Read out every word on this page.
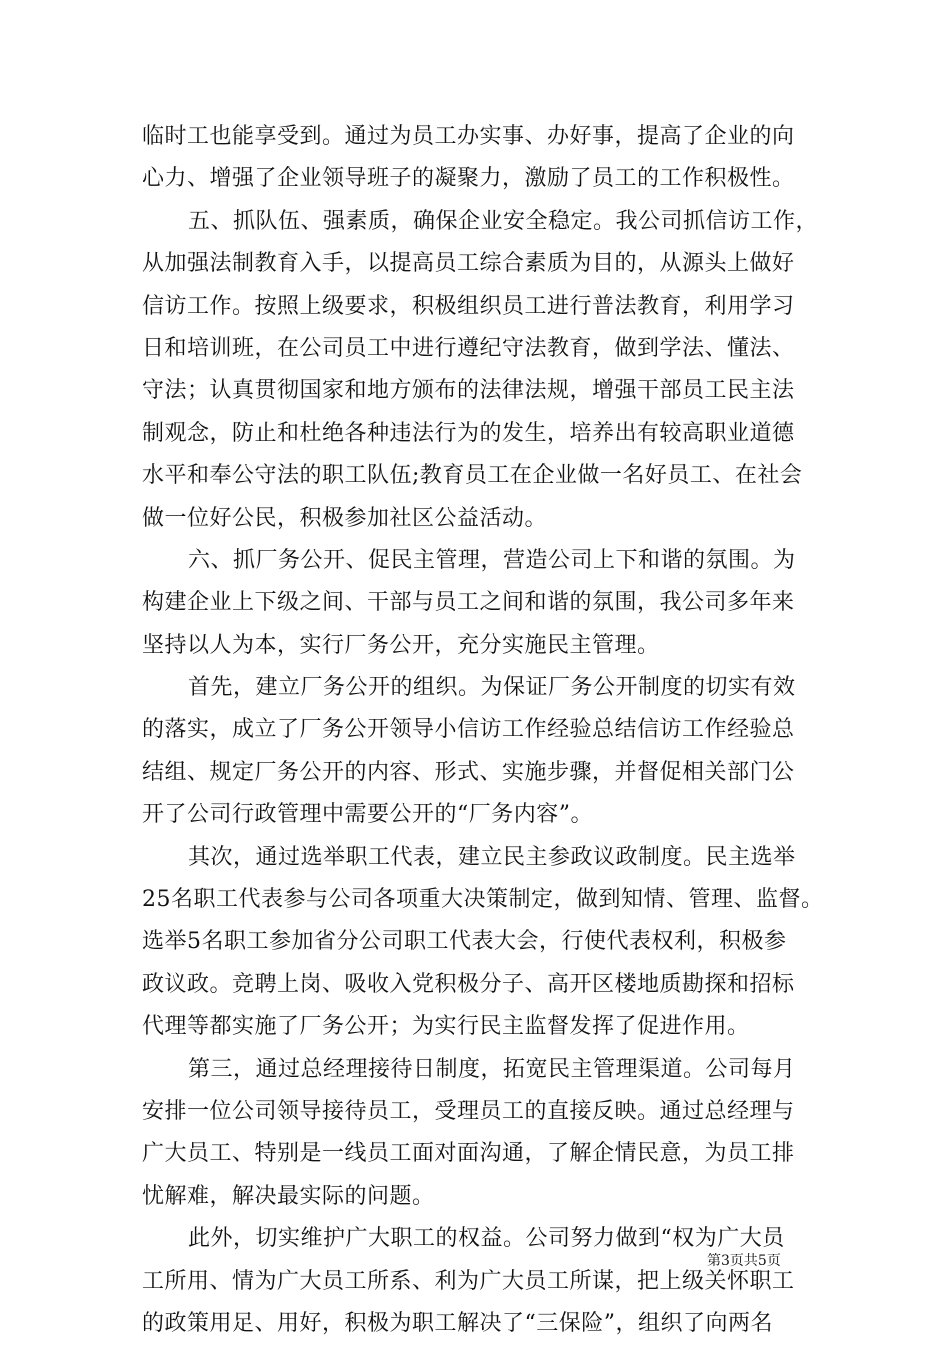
临时工也能享受到。通过为员工办实事、办好事，提高了企业的向
心力、增强了企业领导班子的凝聚力，激励了员工的工作积极性。
五、抓队伍、强素质，确保企业安全稳定。我公司抓信访工作，
从加强法制教育入手，以提高员工综合素质为目的，从源头上做好
信访工作。按照上级要求，积极组织员工进行普法教育，利用学习
日和培训班，在公司员工中进行遵纪守法教育，做到学法、懂法、
守法；认真贯彻国家和地方颁布的法律法规，增强干部员工民主法
制观念，防止和杜绝各种违法行为的发生，培养出有较高职业道德
水平和奉公守法的职工队伍;教育员工在企业做一名好员工、在社会
做一位好公民，积极参加社区公益活动。
六、抓厂务公开、促民主管理，营造公司上下和谐的氛围。为
构建企业上下级之间、干部与员工之间和谐的氛围，我公司多年来
坚持以人为本，实行厂务公开，充分实施民主管理。
首先，建立厂务公开的组织。为保证厂务公开制度的切实有效
的落实，成立了厂务公开领导小信访工作经验总结信访工作经验总
结组、规定厂务公开的内容、形式、实施步骤，并督促相关部门公
开了公司行政管理中需要公开的“厂务内容”。
其次，通过选举职工代表，建立民主参政议政制度。民主选举
25名职工代表参与公司各项重大决策制定，做到知情、管理、监督。
选举5名职工参加省分公司职工代表大会，行使代表权利，积极参
政议政。竞聘上岗、吸收入党积极分子、高开区楼地质勘探和招标
代理等都实施了厂务公开；为实行民主监督发挥了促进作用。
第三，通过总经理接待日制度，拓宽民主管理渠道。公司每月
安排一位公司领导接待员工，受理员工的直接反映。通过总经理与
广大员工、特别是一线员工面对面沟通，了解企情民意，为员工排
忧解难，解决最实际的问题。
此外，切实维护广大职工的权益。公司努力做到“权为广大员
工所用、情为广大员工所系、利为广大员工所谋，把上级关怀职工
的政策用足、用好，积极为职工解决了“三保险”，组织了向两名
第3页共5页
